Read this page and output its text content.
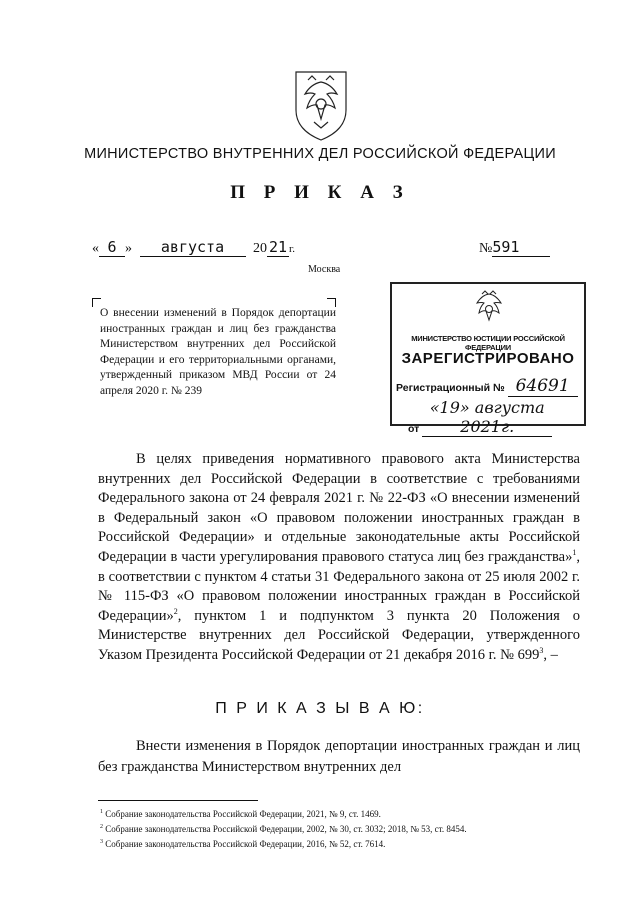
МИНИСТЕРСТВО ВНУТРЕННИХ ДЕЛ РОССИЙСКОЙ ФЕДЕРАЦИИ
П Р И К А З
« 6 » августа 20 21 г.	№591
Москва
О внесении изменений в Порядок депортации иностранных граждан и лиц без гражданства Министерством внутренних дел Российской Федерации и его территориальными органами, утвержденный приказом МВД России от 24 апреля 2020 г. № 239
МИНИСТЕРСТВО ЮСТИЦИИ РОССИЙСКОЙ ФЕДЕРАЦИИ
ЗАРЕГИСТРИРОВАНО
Регистрационный № 64691
от «19» августа 2021г.
В целях приведения нормативного правового акта Министерства внутренних дел Российской Федерации в соответствие с требованиями Федерального закона от 24 февраля 2021 г. № 22-ФЗ «О внесении изменений в Федеральный закон «О правовом положении иностранных граждан в Российской Федерации» и отдельные законодательные акты Российской Федерации в части урегулирования правового статуса лиц без гражданства»$^1$, в соответствии с пунктом 4 статьи 31 Федерального закона от 25 июля 2002 г. № 115-ФЗ «О правовом положении иностранных граждан в Российской Федерации»$^2$, пунктом 1 и подпунктом 3 пункта 20 Положения о Министерстве внутренних дел Российской Федерации, утвержденного Указом Президента Российской Федерации от 21 декабря 2016 г. № $699^3$, –
П Р И К А З Ы В А Ю:
Внести изменения в Порядок депортации иностранных граждан и лиц без гражданства Министерством внутренних дел
$^1$ Собрание законодательства Российской Федерации, 2021, № 9, ст. 1469.
$^2$ Собрание законодательства Российской Федерации, 2002, № 30, ст. 3032; 2018, № 53, ст. 8454.
$^3$ Собрание законодательства Российской Федерации, 2016, № 52, ст. 7614.
